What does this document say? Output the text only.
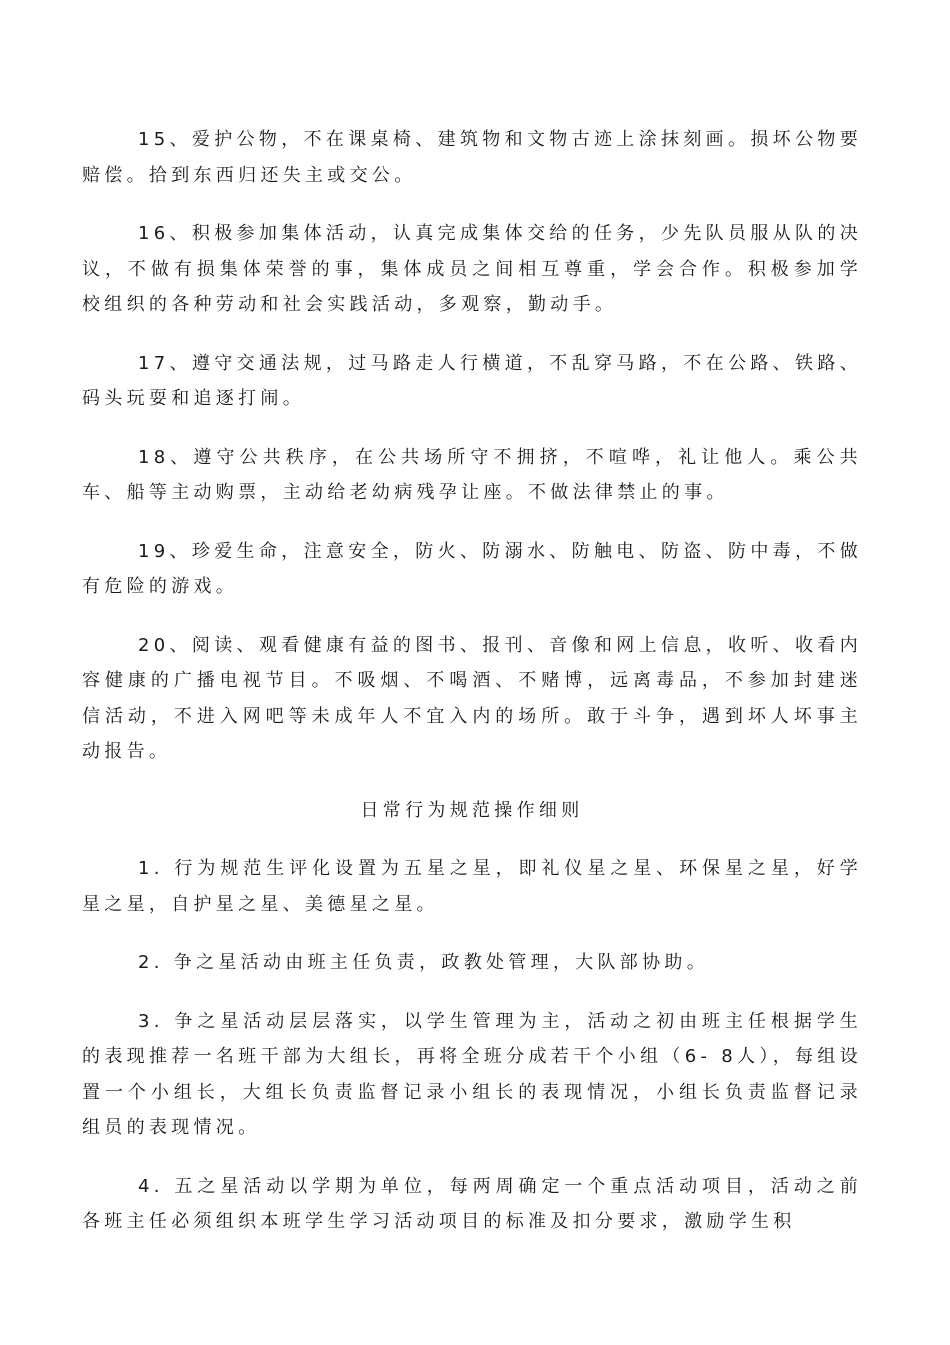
15、爱护公物，不在课桌椅、建筑物和文物古迹上涂抹刻画。损坏公物要赔偿。拾到东西归还失主或交公。

16、积极参加集体活动，认真完成集体交给的任务，少先队员服从队的决议，不做有损集体荣誉的事，集体成员之间相互尊重，学会合作。积极参加学校组织的各种劳动和社会实践活动，多观察，勤动手。

17、遵守交通法规，过马路走人行横道，不乱穿马路，不在公路、铁路、码头玩耍和追逐打闹。

18、遵守公共秩序，在公共场所守不拥挤，不喧哗，礼让他人。乘公共车、船等主动购票，主动给老幼病残孕让座。不做法律禁止的事。

19、珍爱生命，注意安全，防火、防溺水、防触电、防盗、防中毒，不做有危险的游戏。

20、阅读、观看健康有益的图书、报刊、音像和网上信息，收听、收看内容健康的广播电视节目。不吸烟、不喝酒、不赌博，远离毒品，不参加封建迷信活动，不进入网吧等未成年人不宜入内的场所。敢于斗争，遇到坏人坏事主动报告。

日常行为规范操作细则

1. 行为规范生评化设置为五星之星，即礼仪星之星、环保星之星，好学星之星，自护星之星、美德星之星。

2. 争之星活动由班主任负责，政教处管理，大队部协助。

3. 争之星活动层层落实，以学生管理为主，活动之初由班主任根据学生的表现推荐一名班干部为大组长，再将全班分成若干个小组（6- 8人），每组设置一个小组长，大组长负责监督记录小组长的表现情况，小组长负责监督记录组员的表现情况。

4. 五之星活动以学期为单位，每两周确定一个重点活动项目，活动之前各班主任必须组织本班学生学习活动项目的标准及扣分要求，激励学生积
